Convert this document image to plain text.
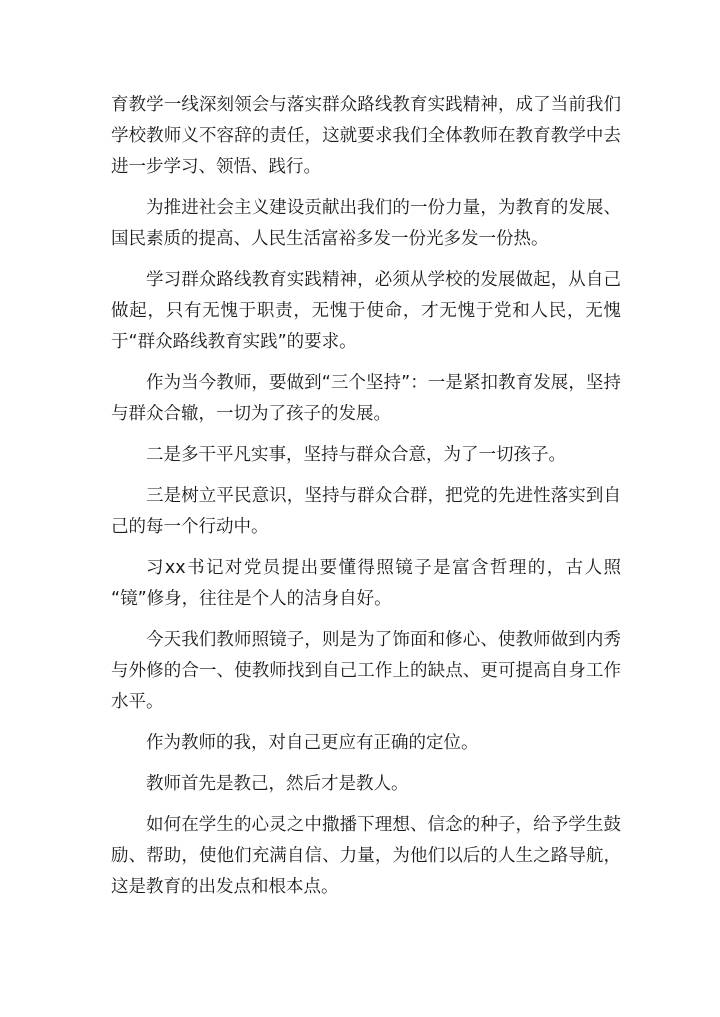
育教学一线深刻领会与落实群众路线教育实践精神，成了当前我们学校教师义不容辞的责任，这就要求我们全体教师在教育教学中去进一步学习、领悟、践行。

为推进社会主义建设贡献出我们的一份力量，为教育的发展、国民素质的提高、人民生活富裕多发一份光多发一份热。

学习群众路线教育实践精神，必须从学校的发展做起，从自己做起，只有无愧于职责，无愧于使命，才无愧于党和人民，无愧于“群众路线教育实践”的要求。

作为当今教师，要做到“三个坚持”：一是紧扣教育发展，坚持与群众合辙，一切为了孩子的发展。

二是多干平凡实事，坚持与群众合意，为了一切孩子。

三是树立平民意识，坚持与群众合群，把党的先进性落实到自己的每一个行动中。

习xx书记对党员提出要懂得照镜子是富含哲理的，古人照 “镜”修身，往往是个人的洁身自好。

今天我们教师照镜子，则是为了饰面和修心、使教师做到内秀与外修的合一、使教师找到自己工作上的缺点、更可提高自身工作水平。

作为教师的我，对自己更应有正确的定位。

教师首先是教己，然后才是教人。

如何在学生的心灵之中撒播下理想、信念的种子，给予学生鼓励、帮助，使他们充满自信、力量，为他们以后的人生之路导航，这是教育的出发点和根本点。
